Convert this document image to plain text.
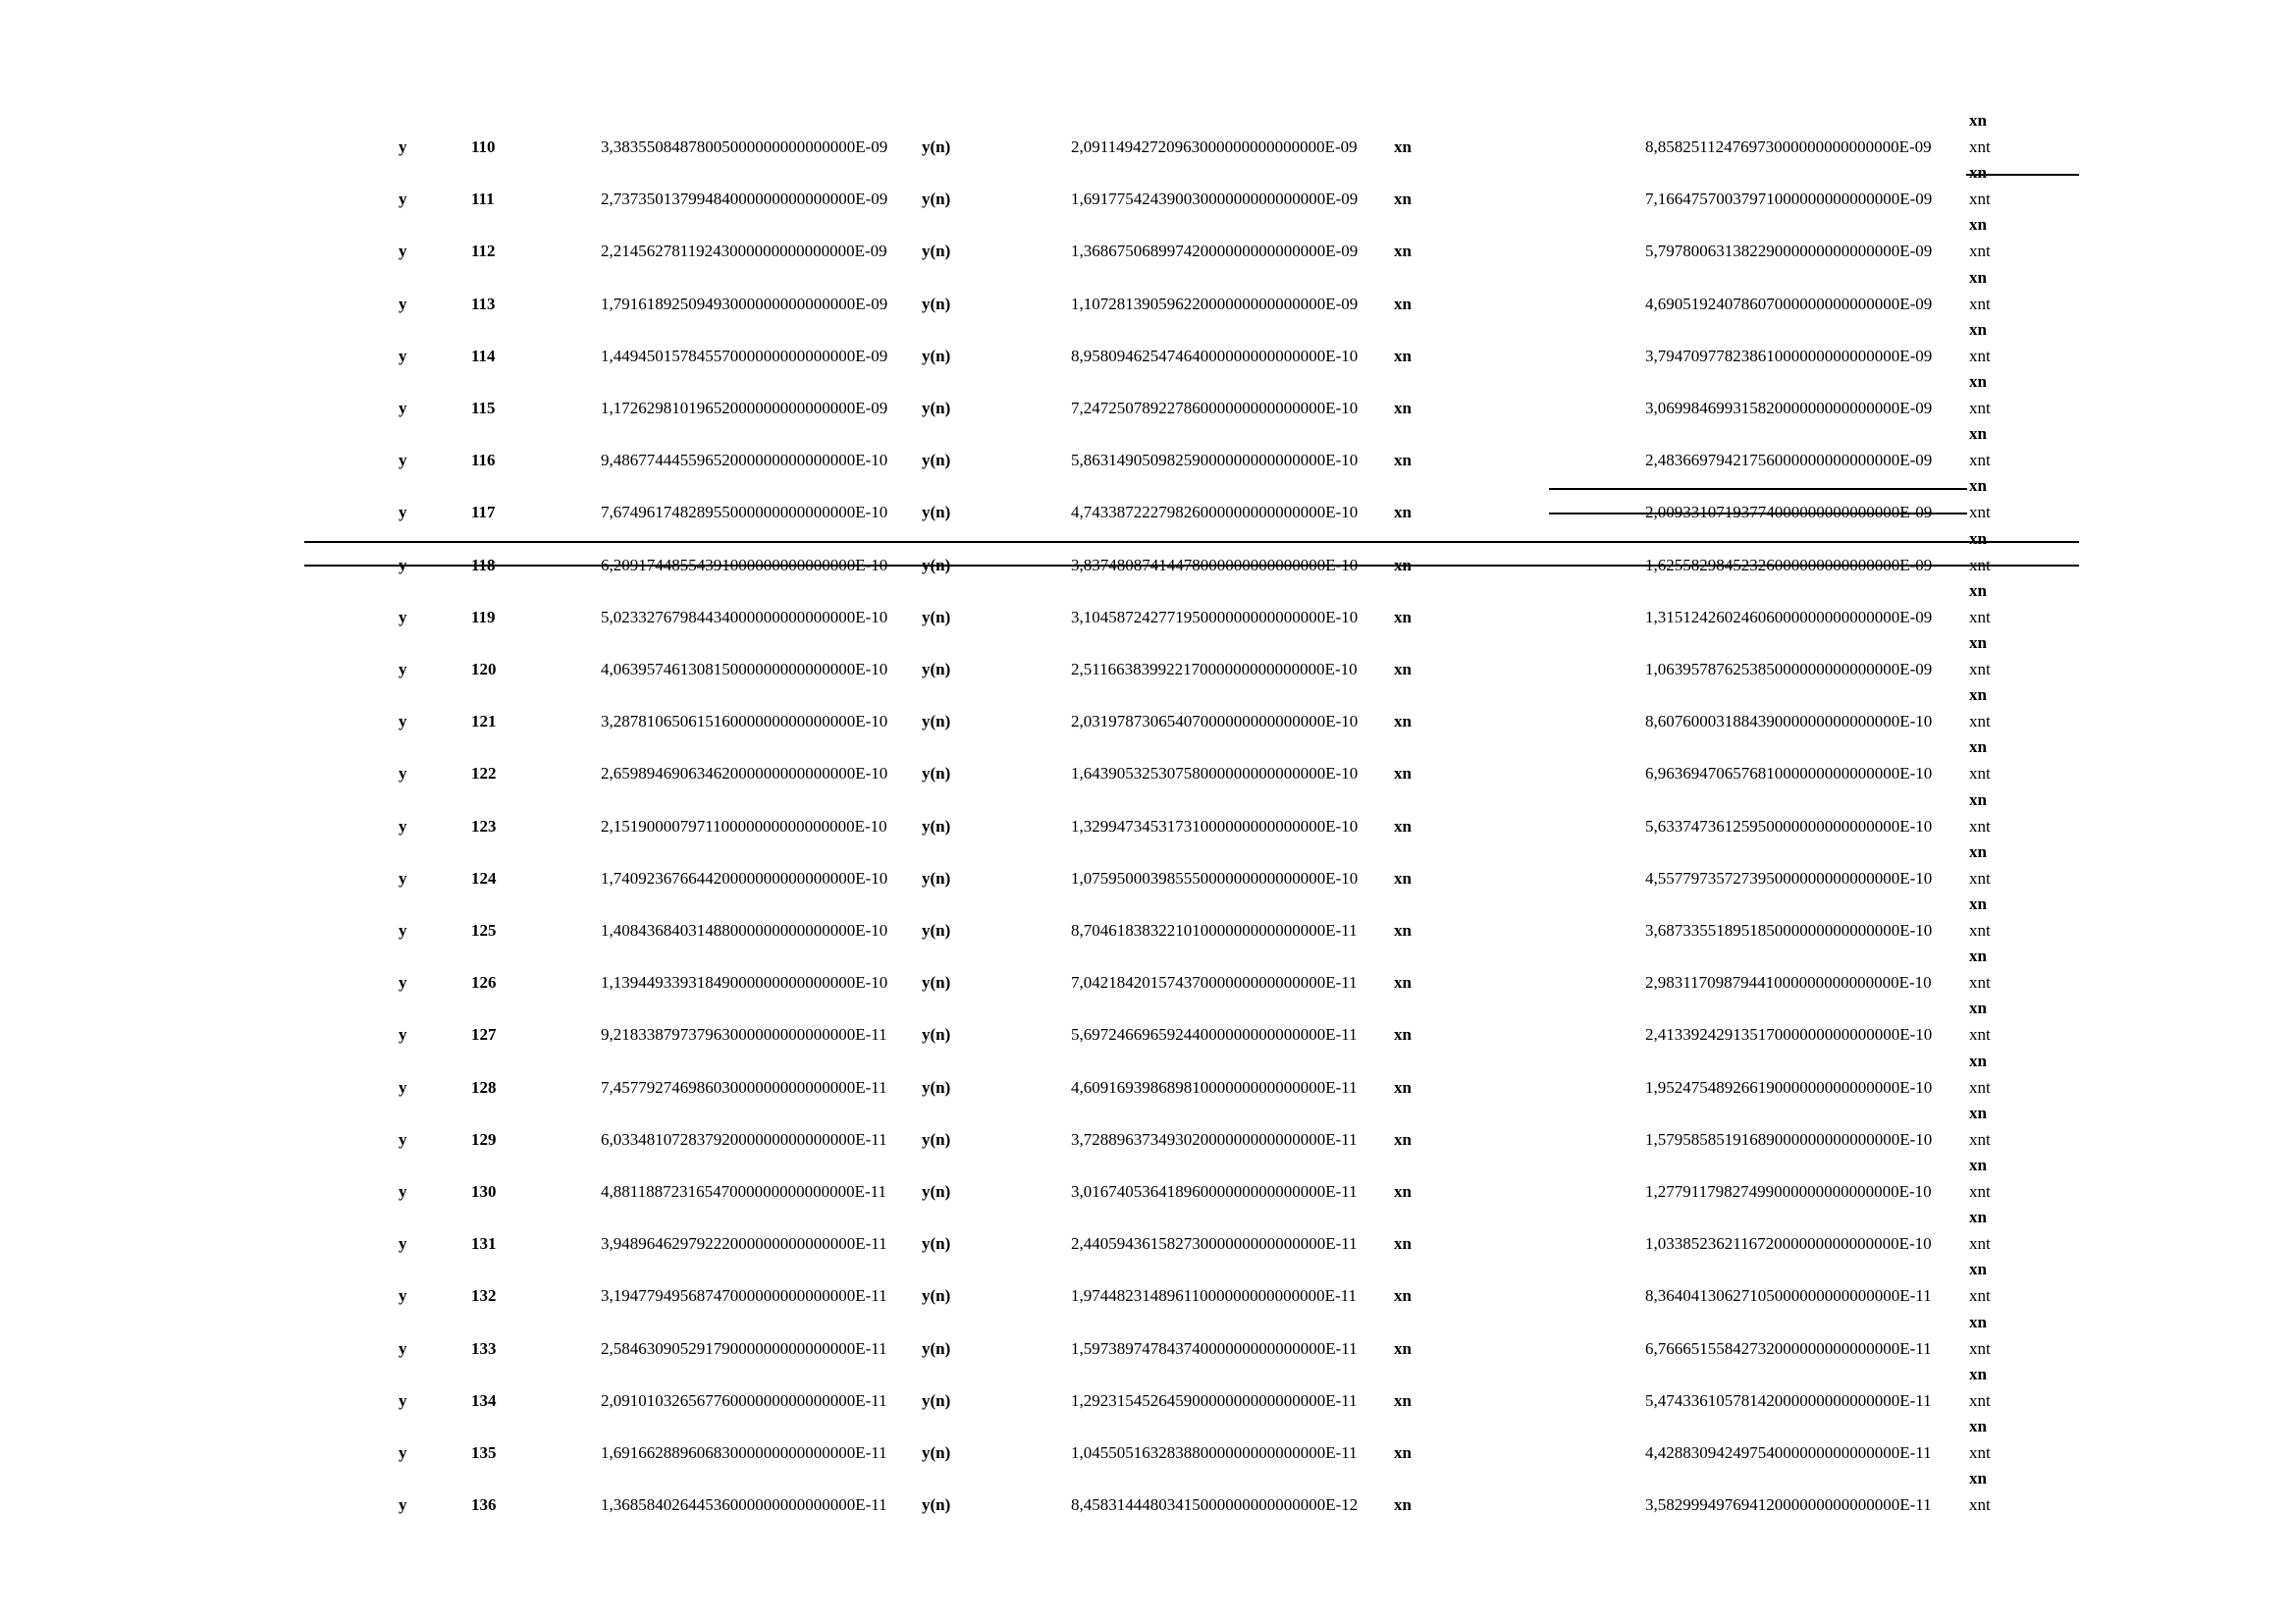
xn
y	110	3,38355084878005000000000000000E-09 y(n)	2,09114942720963000000000000000E-09 xn	8,85825112476973000000000000000E-09 xnt
xn
y	111	2,73735013799484000000000000000E-09 y(n)	1,69177542439003000000000000000E-09 xn	7,16647570037971000000000000000E-09 xnt
xn
y	112	2,21456278119243000000000000000E-09 y(n)	1,36867506899742000000000000000E-09 xn	5,79780063138229000000000000000E-09 xnt
xn
y	113	1,79161892509493000000000000000E-09 y(n)	1,10728139059622000000000000000E-09 xn	4,69051924078607000000000000000E-09 xnt
xn
y	114	1,44945015784557000000000000000E-09 y(n)	8,95809462547464000000000000000E-10 xn	3,79470977823861000000000000000E-09 xnt
xn
y	115	1,17262981019652000000000000000E-09 y(n)	7,24725078922786000000000000000E-10 xn	3,06998469931582000000000000000E-09 xnt
xn
y	116	9,48677444559652000000000000000E-10 y(n)	5,86314905098259000000000000000E-10 xn	2,48366979421756000000000000000E-09 xnt
xn
y	117	7,67496174828955000000000000000E-10 y(n)	4,74338722279826000000000000000E-10 xn	2,00933107193774000000000000000E-09 xnt
xn
y	118	6,20917448554391000000000000000E-10 y(n)	3,83748087414478000000000000000E-10 xn	1,62558298452326000000000000000E-09 xnt
xn
y	119	5,02332767984434000000000000000E-10 y(n)	3,10458724277195000000000000000E-10 xn	1,31512426024606000000000000000E-09 xnt
xn
y	120	4,06395746130815000000000000000E-10 y(n)	2,51166383992217000000000000000E-10 xn	1,06395787625385000000000000000E-09 xnt
xn
y	121	3,28781065061516000000000000000E-10 y(n)	2,03197873065407000000000000000E-10 xn	8,60760003188439000000000000000E-10 xnt
xn
y	122	2,65989469063462000000000000000E-10 y(n)	1,64390532530758000000000000000E-10 xn	6,96369470657681000000000000000E-10 xnt
xn
y	123	2,15190000797110000000000000000E-10 y(n)	1,32994734531731000000000000000E-10 xn	5,63374736125950000000000000000E-10 xnt
xn
y	124	1,74092367664420000000000000000E-10 y(n)	1,07595000398555000000000000000E-10 xn	4,55779735727395000000000000000E-10 xnt
xn
y	125	1,40843684031488000000000000000E-10 y(n)	8,70461838322101000000000000000E-11 xn	3,68733551895185000000000000000E-10 xnt
xn
y	126	1,13944933931849000000000000000E-10 y(n)	7,04218420157437000000000000000E-11 xn	2,98311709879441000000000000000E-10 xnt
xn
y	127	9,21833879737963000000000000000E-11 y(n)	5,69724669659244000000000000000E-11 xn	2,41339242913517000000000000000E-10 xnt
xn
y	128	7,45779274698603000000000000000E-11 y(n)	4,60916939868981000000000000000E-11 xn	1,95247548926619000000000000000E-10 xnt
xn
y	129	6,03348107283792000000000000000E-11 y(n)	3,72889637349302000000000000000E-11 xn	1,57958585191689000000000000000E-10 xnt
xn
y	130	4,88118872316547000000000000000E-11 y(n)	3,01674053641896000000000000000E-11 xn	1,27791179827499000000000000000E-10 xnt
xn
y	131	3,94896462979222000000000000000E-11 y(n)	2,44059436158273000000000000000E-11 xn	1,03385236211672000000000000000E-10 xnt
xn
y	132	3,19477949568747000000000000000E-11 y(n)	1,97448231489611000000000000000E-11 xn	8,36404130627105000000000000000E-11 xnt
xn
y	133	2,58463090529179000000000000000E-11 y(n)	1,59738974784374000000000000000E-11 xn	6,76665155842732000000000000000E-11 xnt
xn
y	134	2,09101032656776000000000000000E-11 y(n)	1,29231545264590000000000000000E-11 xn	5,47433610578142000000000000000E-11 xnt
xn
y	135	1,69166288960683000000000000000E-11 y(n)	1,04550516328388000000000000000E-11 xn	4,42883094249754000000000000000E-11 xnt
xn
y	136	1,36858402644536000000000000000E-11 y(n)	8,45831444803415000000000000000E-12 xn	3,58299949769412000000000000000E-11 xnt
